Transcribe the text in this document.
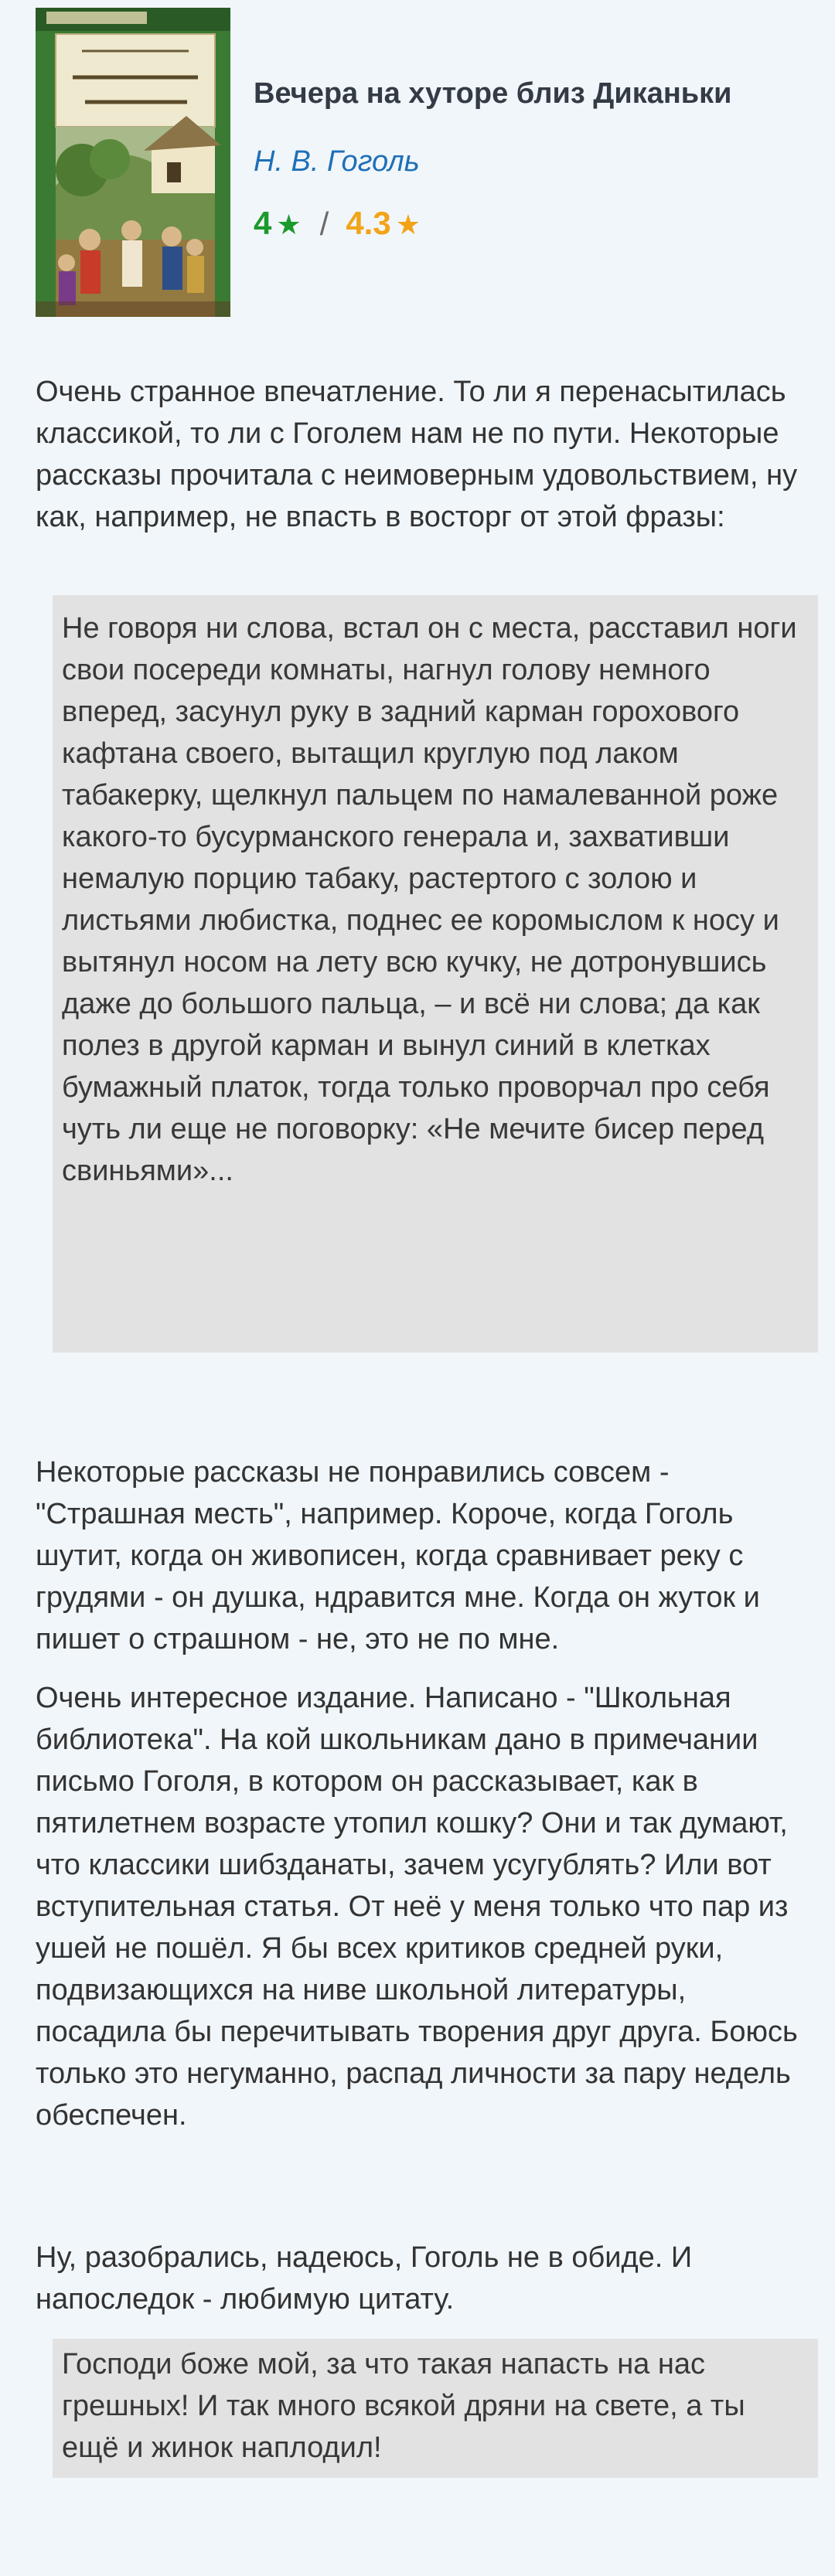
Вечера на хуторе близ Диканьки
Н. В. Гоголь
4 ★ / 4.3 ★

Очень странное впечатление. То ли я перенасытилась классикой, то ли с Гоголем нам не по пути. Некоторые рассказы прочитала с неимоверным удовольствием, ну как, например, не впасть в восторг от этой фразы:

Не говоря ни слова, встал он с места, расставил ноги свои посереди комнаты, нагнул голову немного вперед, засунул руку в задний карман горохового кафтана своего, вытащил круглую под лаком табакерку, щелкнул пальцем по намалеванной роже какого-то бусурманского генерала и, захвативши немалую порцию табаку, растертого с золою и листьями любистка, поднес ее коромыслом к носу и вытянул носом на лету всю кучку, не дотронувшись даже до большого пальца, – и всё ни слова; да как полез в другой карман и вынул синий в клетках бумажный платок, тогда только проворчал про себя чуть ли еще не поговорку: «Не мечите бисер перед свиньями»...

Некоторые рассказы не понравились совсем - "Страшная месть", например. Короче, когда Гоголь шутит, когда он живописен, когда сравнивает реку с грудями - он душка, ндравится мне. Когда он жуток и пишет о страшном - не, это не по мне.

Очень интересное издание. Написано - "Школьная библиотека". На кой школьникам дано в примечании письмо Гоголя, в котором он рассказывает, как в пятилетнем возрасте утопил кошку? Они и так думают, что классики шибзданаты, зачем усугублять? Или вот вступительная статья. От неё у меня только что пар из ушей не пошёл. Я бы всех критиков средней руки, подвизающихся на ниве школьной литературы, посадила бы перечитывать творения друг друга. Боюсь только это негуманно, распад личности за пару недель обеспечен.

Ну, разобрались, надеюсь, Гоголь не в обиде. И напоследок - любимую цитату.

Господи боже мой, за что такая напасть на нас грешных! И так много всякой дряни на свете, а ты ещё и жинок наплодил!
